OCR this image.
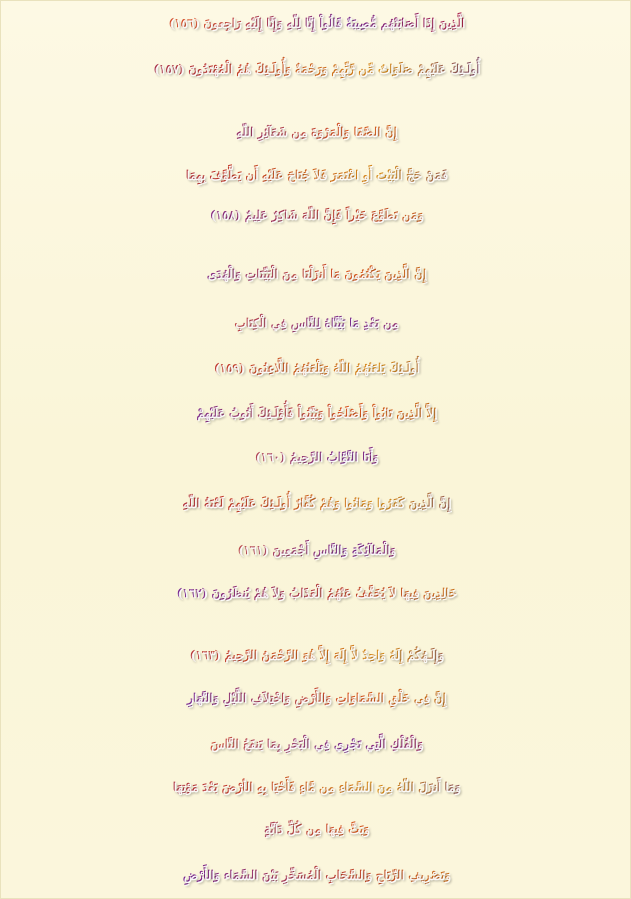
الَّذِينَ إِذَا أَصَابَتْهُم مُّصِيبَةٌ قَالُواْ إِنَّا لِلّهِ وَإِنَّا إِلَيْهِ رَاجِعونَ (١٥٦)
أُولَـئِكَ عَلَيْهِمْ صَلَوَاتٌ مِّن رَّبِّهِمْ وَرَحْمَةٌ وَأُولَـئِكَ هُمُ الْمُهْتَدُونَ (١٥٧)
إِنَّ الصَّفَا وَالْمَرْوَةَ مِن شَعَآئِرِ اللّهِ
فَمَنْ حَجَّ الْبَيْتَ أَوِ اعْتَمَرَ فَلاَ جُنَاحَ عَلَيْهِ أَن يَطَّوَّفَ بِهِمَا
وَمَن تَطَوَّعَ خَيْراً فَإِنَّ اللّهَ شَاكِرٌ عَلِيمٌ (١٥٨)
إِنَّ الَّذِينَ يَكْتُمُونَ مَا أَنزَلْنَا مِنَ الْبَيِّنَاتِ وَالْهُدَى
مِن بَعْدِ مَا بَيَّنَّاهُ لِلنَّاسِ فِي الْكِتَابِ
أُولَـئِكَ يَلعَنُهُمُ اللّهُ وَيَلْعَنُهُمُ اللَّاعِنُونَ (١٥٩)
إِلاَّ الَّذِينَ تَابُواْ وَأَصْلَحُواْ وَبَيَّنُواْ فَأُوْلَـئِكَ أَتُوبُ عَلَيْهِمْ
وَأَنَا التَّوَّابُ الرَّحِيمُ (١٦٠)
إِنَّ الَّذِينَ كَفَرُوا وَمَاتُوا وَهُمْ كُفَّارٌ أُولَـئِكَ عَلَيْهِمْ لَعْنَةُ اللّهِ
وَالْمَلآئِكَةِ وَالنَّاسِ أَجْمَعِينَ (١٦١)
خَالِدِينَ فِيهَا لاَ يُخَفَّفُ عَنْهُمُ الْعَذَابُ وَلاَ هُمْ يُنظَرُونَ (١٦٢)
وَإِلَـهُكُمْ إِلَهٌ وَاحِدٌ لاَّ إِلَهَ إِلاَّ هُوَ الرَّحْمَنُ الرَّحِيمُ (١٦٣)
إِنَّ فِي خَلْقِ السَّمَاوَاتِ وَالأَرْضِ وَاخْتِلاَفِ اللَّيْلِ وَالنَّهَارِ
وَالْفُلْكِ الَّتِي تَجْرِي فِي الْبَحْرِ بِمَا يَنفَعُ النَّاسَ
وَمَا أَنزَلَ اللّهُ مِنَ السَّمَاءِ مِن مَّاءٍ فَأَحْيَا بِهِ الأرْضَ بَعْدَ مَوْتِهَا
وَبَثَّ فِيهَا مِن كُلِّ دَآبَّةٍ
وَتَصْرِيفِ الرِّيَاحِ وَالسَّحَابِ الْمُسَخِّرِ بَيْنَ السَّمَاء وَالأَرْضِ
